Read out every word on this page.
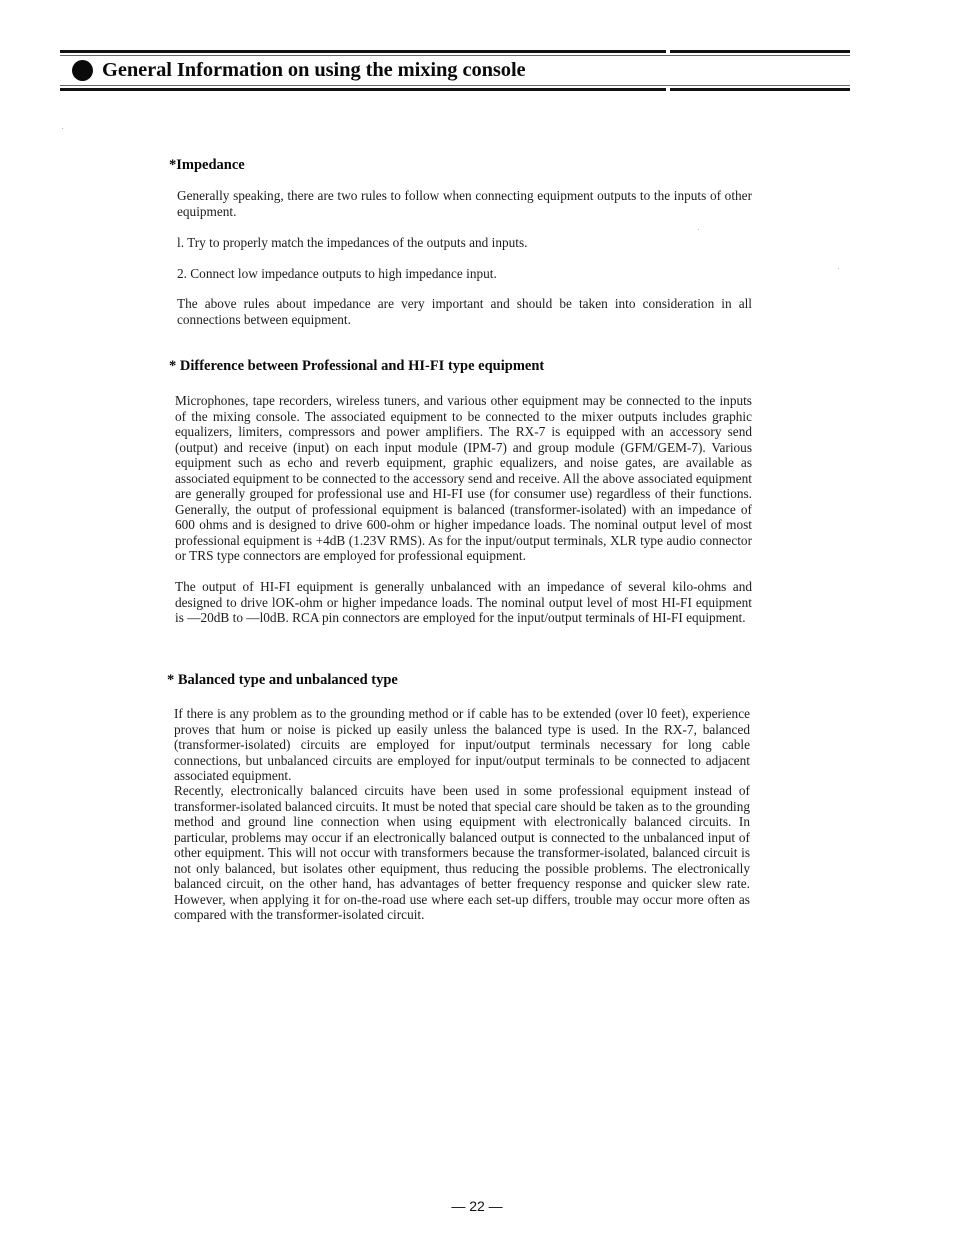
General Information on using the mixing console
*Impedance
Generally speaking, there are two rules to follow when connecting equipment outputs to the inputs of other equipment.
l. Try to properly match the impedances of the outputs and inputs.
2. Connect low impedance outputs to high impedance input.
The above rules about impedance are very important and should be taken into consideration in all connections between equipment.
* Difference between Professional and HI-FI type equipment
Microphones, tape recorders, wireless tuners, and various other equipment may be connected to the inputs of the mixing console. The associated equipment to be connected to the mixer outputs includes graphic equalizers, limiters, compressors and power amplifiers. The RX-7 is equipped with an accessory send (output) and receive (input) on each input module (IPM-7) and group module (GFM/GEM-7). Various equipment such as echo and reverb equipment, graphic equalizers, and noise gates, are available as associated equipment to be connected to the accessory send and receive. All the above associated equipment are generally grouped for professional use and HI-FI use (for consumer use) regardless of their functions. Generally, the output of professional equipment is balanced (transformer-isolated) with an impedance of 600 ohms and is designed to drive 600-ohm or higher impedance loads. The nominal output level of most professional equipment is +4dB (1.23V RMS). As for the input/output terminals, XLR type audio connector or TRS type connectors are employed for professional equipment.
The output of HI-FI equipment is generally unbalanced with an impedance of several kilo-ohms and designed to drive lOK-ohm or higher impedance loads. The nominal output level of most HI-FI equipment is —20dB to —l0dB. RCA pin connectors are employed for the input/output terminals of HI-FI equipment.
* Balanced type and unbalanced type
If there is any problem as to the grounding method or if cable has to be extended (over l0 feet), experience proves that hum or noise is picked up easily unless the balanced type is used. In the RX-7, balanced (transformer-isolated) circuits are employed for input/output terminals necessary for long cable connections, but unbalanced circuits are employed for input/output terminals to be connected to adjacent associated equipment.
Recently, electronically balanced circuits have been used in some professional equipment instead of transformer-isolated balanced circuits. It must be noted that special care should be taken as to the grounding method and ground line connection when using equipment with electronically balanced circuits. In particular, problems may occur if an electronically balanced output is connected to the unbalanced input of other equipment. This will not occur with transformers because the transformer-isolated, balanced circuit is not only balanced, but isolates other equipment, thus reducing the possible problems. The electronically balanced circuit, on the other hand, has advantages of better frequency response and quicker slew rate. However, when applying it for on-the-road use where each set-up differs, trouble may occur more often as compared with the transformer-isolated circuit.
— 22 —
